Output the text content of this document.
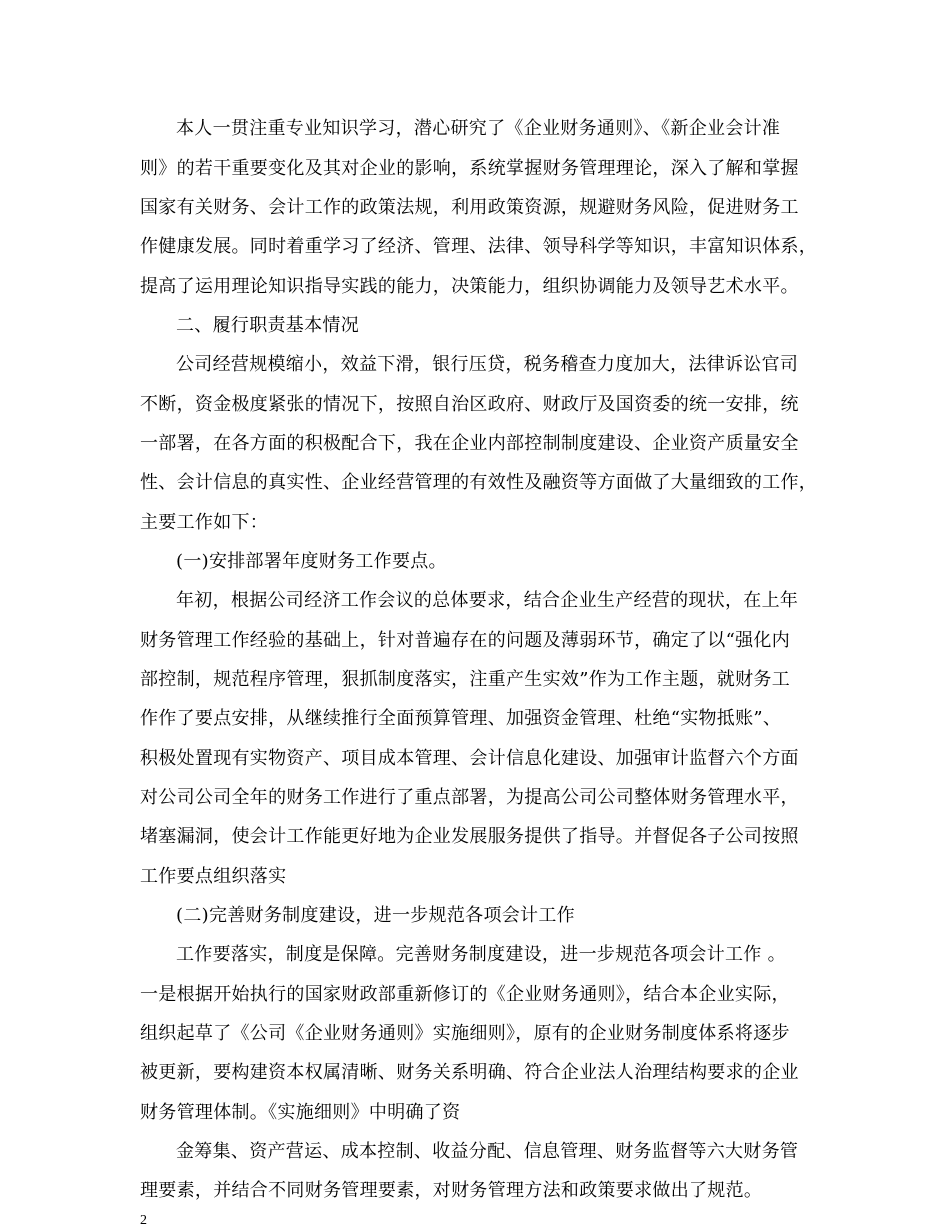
本人一贯注重专业知识学习，潜心研究了《企业财务通则》、《新企业会计准
则》的若干重要变化及其对企业的影响，系统掌握财务管理理论，深入了解和掌握
国家有关财务、会计工作的政策法规，利用政策资源，规避财务风险，促进财务工
作健康发展。同时着重学习了经济、管理、法律、领导科学等知识，丰富知识体系，
提高了运用理论知识指导实践的能力，决策能力，组织协调能力及领导艺术水平。
二、履行职责基本情况
公司经营规模缩小，效益下滑，银行压贷，税务稽查力度加大，法律诉讼官司
不断，资金极度紧张的情况下，按照自治区政府、财政厅及国资委的统一安排，统
一部署，在各方面的积极配合下，我在企业内部控制制度建设、企业资产质量安全
性、会计信息的真实性、企业经营管理的有效性及融资等方面做了大量细致的工作，
主要工作如下：
(一)安排部署年度财务工作要点。
年初，根据公司经济工作会议的总体要求，结合企业生产经营的现状，在上年
财务管理工作经验的基础上，针对普遍存在的问题及薄弱环节，确定了以“强化内
部控制，规范程序管理，狠抓制度落实，注重产生实效”作为工作主题，就财务工
作作了要点安排，从继续推行全面预算管理、加强资金管理、杜绝“实物抵账”、
积极处置现有实物资产、项目成本管理、会计信息化建设、加强审计监督六个方面
对公司公司全年的财务工作进行了重点部署，为提高公司公司整体财务管理水平，
堵塞漏洞，使会计工作能更好地为企业发展服务提供了指导。并督促各子公司按照
工作要点组织落实
(二)完善财务制度建设，进一步规范各项会计工作
工作要落实，制度是保障。完善财务制度建设，进一步规范各项会计工作 。
一是根据开始执行的国家财政部重新修订的《企业财务通则》，结合本企业实际，
组织起草了《公司《企业财务通则》实施细则》，原有的企业财务制度体系将逐步
被更新，要构建资本权属清晰、财务关系明确、符合企业法人治理结构要求的企业
财务管理体制。《实施细则》中明确了资
2
金筹集、资产营运、成本控制、收益分配、信息管理、财务监督等六大财务管
理要素，并结合不同财务管理要素，对财务管理方法和政策要求做出了规范。
